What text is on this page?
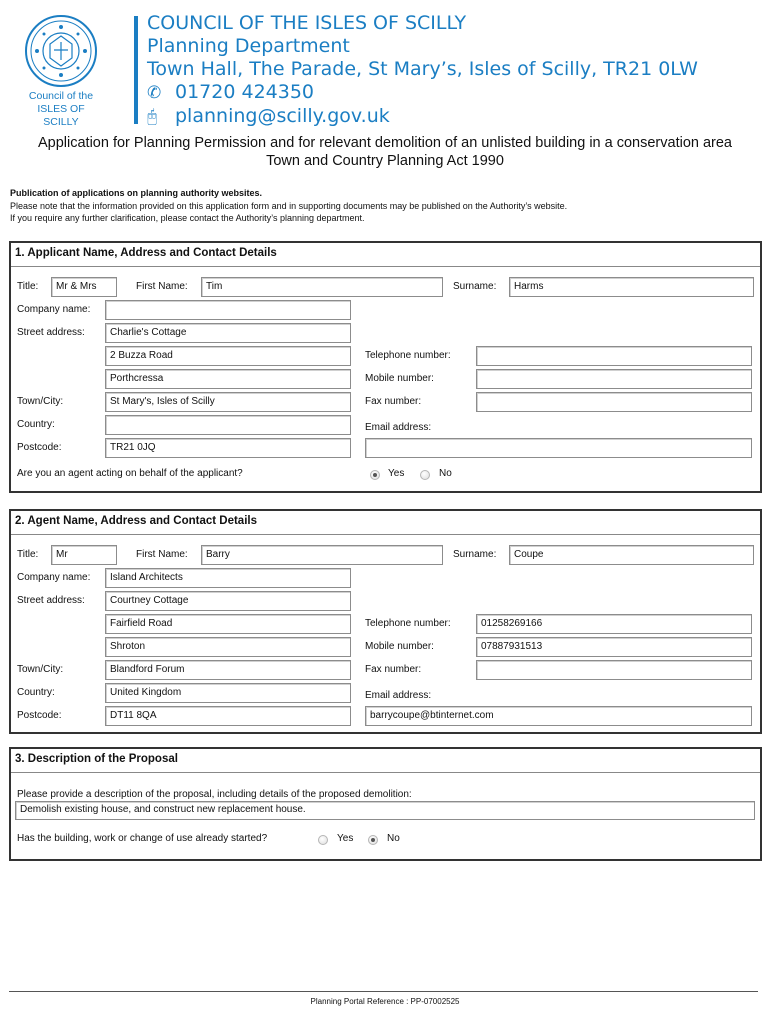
Council of the
ISLES OF SCILLY
COUNCIL OF THE ISLES OF SCILLY
Planning Department
Town Hall, The Parade, St Mary’s, Isles of Scilly, TR21 0LW
✆ 01720 424350
🖰 planning@scilly.gov.uk
Application for Planning Permission and for relevant demolition of an unlisted building in a conservation area
Town and Country Planning Act 1990
Publication of applications on planning authority websites.
Please note that the information provided on this application form and in supporting documents may be published on the Authority’s website.
If you require any further clarification, please contact the Authority’s planning department.
1. Applicant Name, Address and Contact Details
Title:	Mr & Mrs	First Name:	Tim	Surname:	Harms
Company name:
Street address:	Charlie's Cottage
2 Buzza Road	Telephone number:
Porthcressa	Mobile number:
Town/City:	St Mary's, Isles of Scilly	Fax number:
Country:	Email address:
Postcode:	TR21 0JQ
Are you an agent acting on behalf of the applicant?	Yes	No
2. Agent Name, Address and Contact Details
Title:	Mr	First Name:	Barry	Surname:	Coupe
Company name:	Island Architects
Street address:	Courtney Cottage
Fairfield Road	Telephone number:	01258269166
Shroton	Mobile number:	07887931513
Town/City:	Blandford Forum	Fax number:
Country:	United Kingdom	Email address:
Postcode:	DT11 8QA	barrycoupe@btinternet.com
3. Description of the Proposal
Please provide a description of the proposal, including details of the proposed demolition:
Demolish existing house, and construct new replacement house.
Has the building, work or change of use already started?	Yes	No
Planning Portal Reference : PP-07002525
